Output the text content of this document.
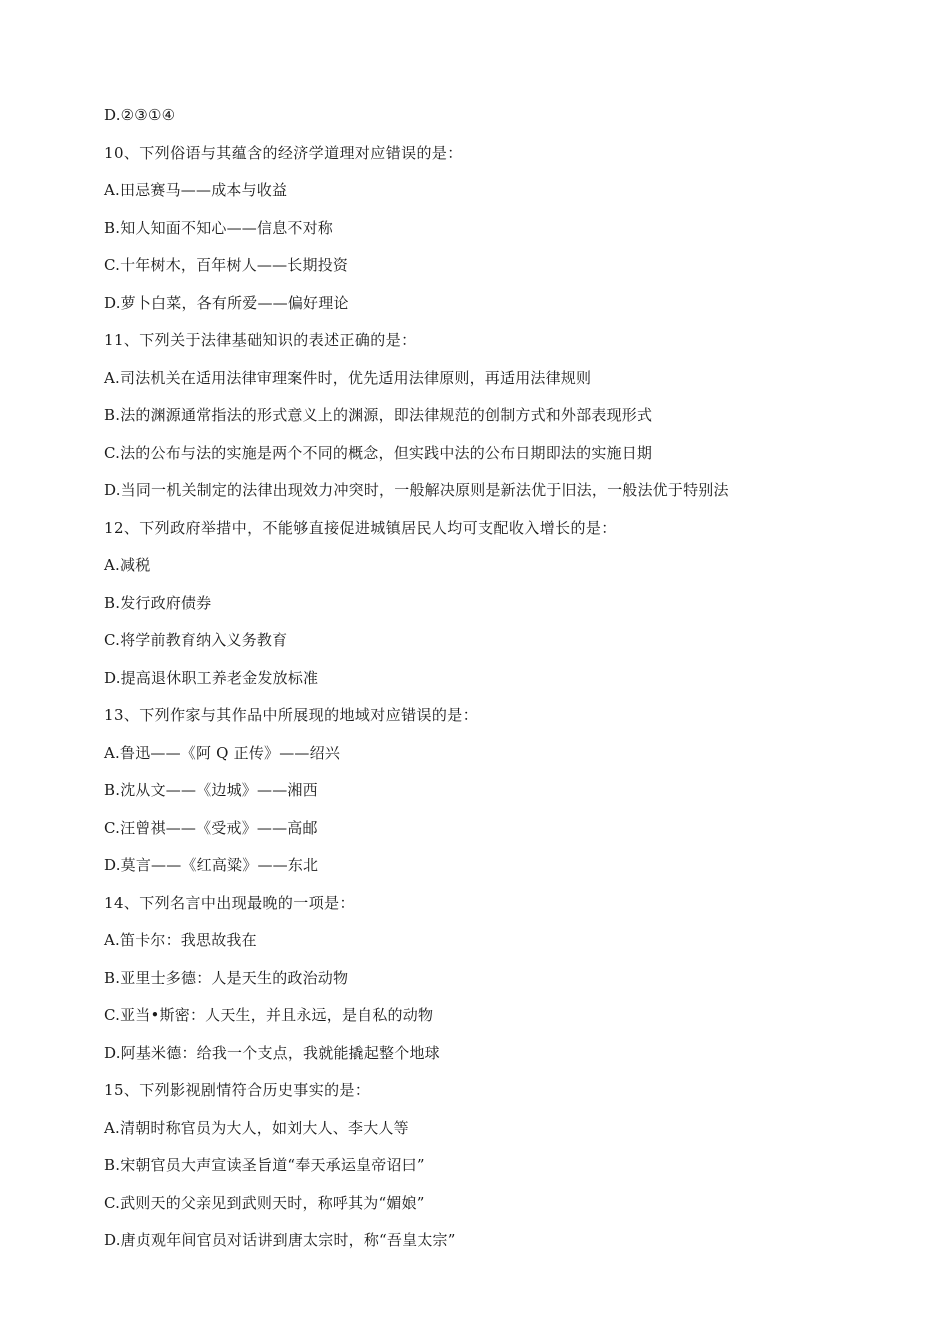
D.②③①④
10、下列俗语与其蕴含的经济学道理对应错误的是：
A.田忌赛马——成本与收益
B.知人知面不知心——信息不对称
C.十年树木，百年树人——长期投资
D.萝卜白菜，各有所爱——偏好理论
11、下列关于法律基础知识的表述正确的是：
A.司法机关在适用法律审理案件时，优先适用法律原则，再适用法律规则
B.法的渊源通常指法的形式意义上的渊源，即法律规范的创制方式和外部表现形式
C.法的公布与法的实施是两个不同的概念，但实践中法的公布日期即法的实施日期
D.当同一机关制定的法律出现效力冲突时，一般解决原则是新法优于旧法，一般法优于特别法
12、下列政府举措中，不能够直接促进城镇居民人均可支配收入增长的是：
A.减税
B.发行政府债券
C.将学前教育纳入义务教育
D.提高退休职工养老金发放标准
13、下列作家与其作品中所展现的地域对应错误的是：
A.鲁迅——《阿 Q 正传》——绍兴
B.沈从文——《边城》——湘西
C.汪曾祺——《受戒》——高邮
D.莫言——《红高粱》——东北
14、下列名言中出现最晚的一项是：
A.笛卡尔：我思故我在
B.亚里士多德：人是天生的政治动物
C.亚当•斯密：人天生，并且永远，是自私的动物
D.阿基米德：给我一个支点，我就能撬起整个地球
15、下列影视剧情符合历史事实的是：
A.清朝时称官员为大人，如刘大人、李大人等
B.宋朝官员大声宣读圣旨道“奉天承运皇帝诏曰”
C.武则天的父亲见到武则天时，称呼其为“媚娘”
D.唐贞观年间官员对话讲到唐太宗时，称“吾皇太宗”
